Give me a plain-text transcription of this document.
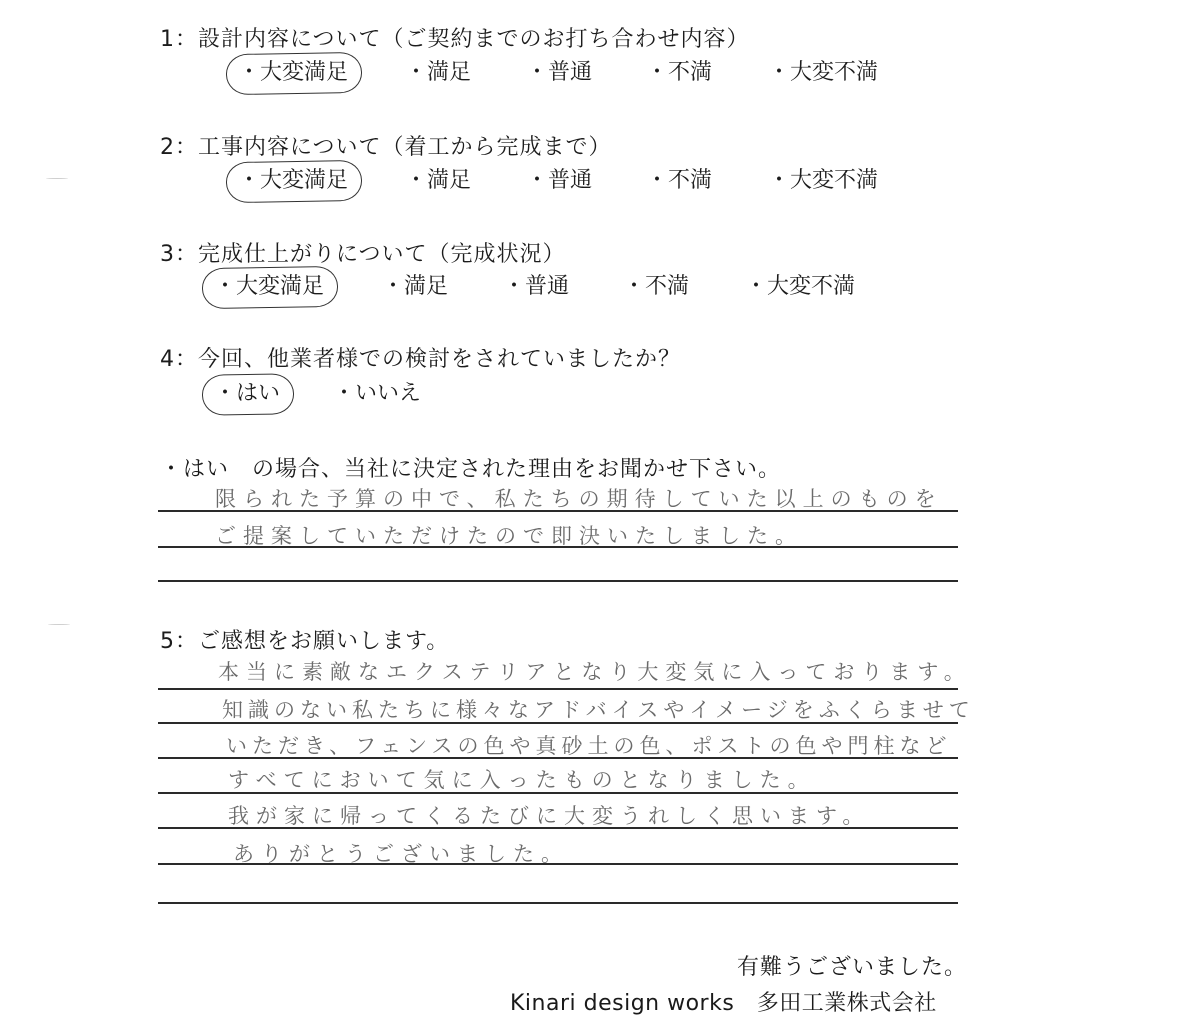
1：設計内容について（ご契約までのお打ち合わせ内容）
・大変満足	・満足 ・普通 ・不満	・大変不満
2：工事内容について（着工から完成まで）
・大変満足	・満足 ・普通 ・不満	・大変不満
3：完成仕上がりについて（完成状況）
・大変満足	・満足 ・普通 ・不満	・大変不満
4：今回、他業者様での検討をされていましたか？
・はい ・いいえ
・はい　の場合、当社に決定された理由をお聞かせ下さい。
限られた予算の中で、私たちの期待していた以上のものを
ご提案していただけたので即決いたしました。
5：ご感想をお願いします。
本当に素敵なエクステリアとなり大変気に入っております。
知識のない私たちに様々なアドバイスやイメージをふくらませて
いただき、フェンスの色や真砂土の色、ポストの色や門柱など
すべてにおいて気に入ったものとなりました。
我が家に帰ってくるたびに大変うれしく思います。
ありがとうございました。
有難うございました。
Kinari design works　多田工業株式会社
